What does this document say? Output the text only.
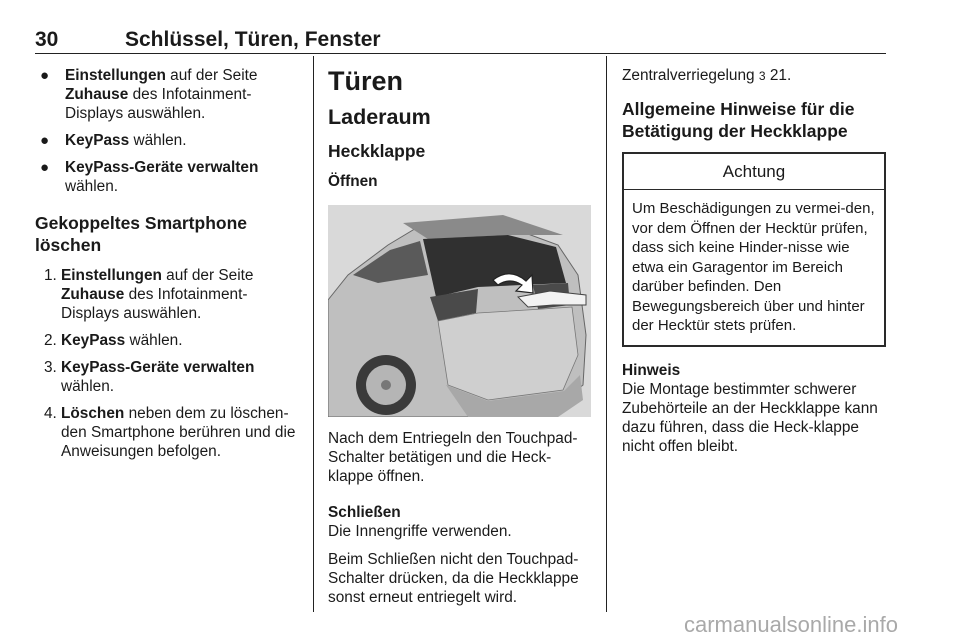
30	Schlüssel, Türen, Fenster
● Einstellungen auf der Seite
Zuhause des Infotainment-Displays auswählen.
● KeyPass wählen.
● KeyPass-Geräte verwalten wählen.
Gekoppeltes Smartphone löschen
1. Einstellungen auf der Seite
Zuhause des Infotainment-Displays auswählen.
2. KeyPass wählen.
3. KeyPass-Geräte verwalten wählen.
4. Löschen neben dem zu löschen-den Smartphone berühren und die Anweisungen befolgen.
Türen
Laderaum
Heckklappe
Öffnen
Nach dem Entriegeln den Touchpad-Schalter betätigen und die Heck-klappe öffnen.
Schließen
Die Innengriffe verwenden.
Beim Schließen nicht den Touchpad-Schalter drücken, da die Heckklappe sonst erneut entriegelt wird.
Zentralverriegelung 3 21.
Allgemeine Hinweise für die Betätigung der Heckklappe
Achtung
Um Beschädigungen zu vermei-den, vor dem Öffnen der Hecktür prüfen, dass sich keine Hinder-nisse wie etwa ein Garagentor im Bereich darüber befinden. Den Bewegungsbereich über und hinter der Hecktür stets prüfen.
Hinweis
Die Montage bestimmter schwerer Zubehörteile an der Heckklappe kann dazu führen, dass die Heck-klappe nicht offen bleibt.
carmanualsonline.info
